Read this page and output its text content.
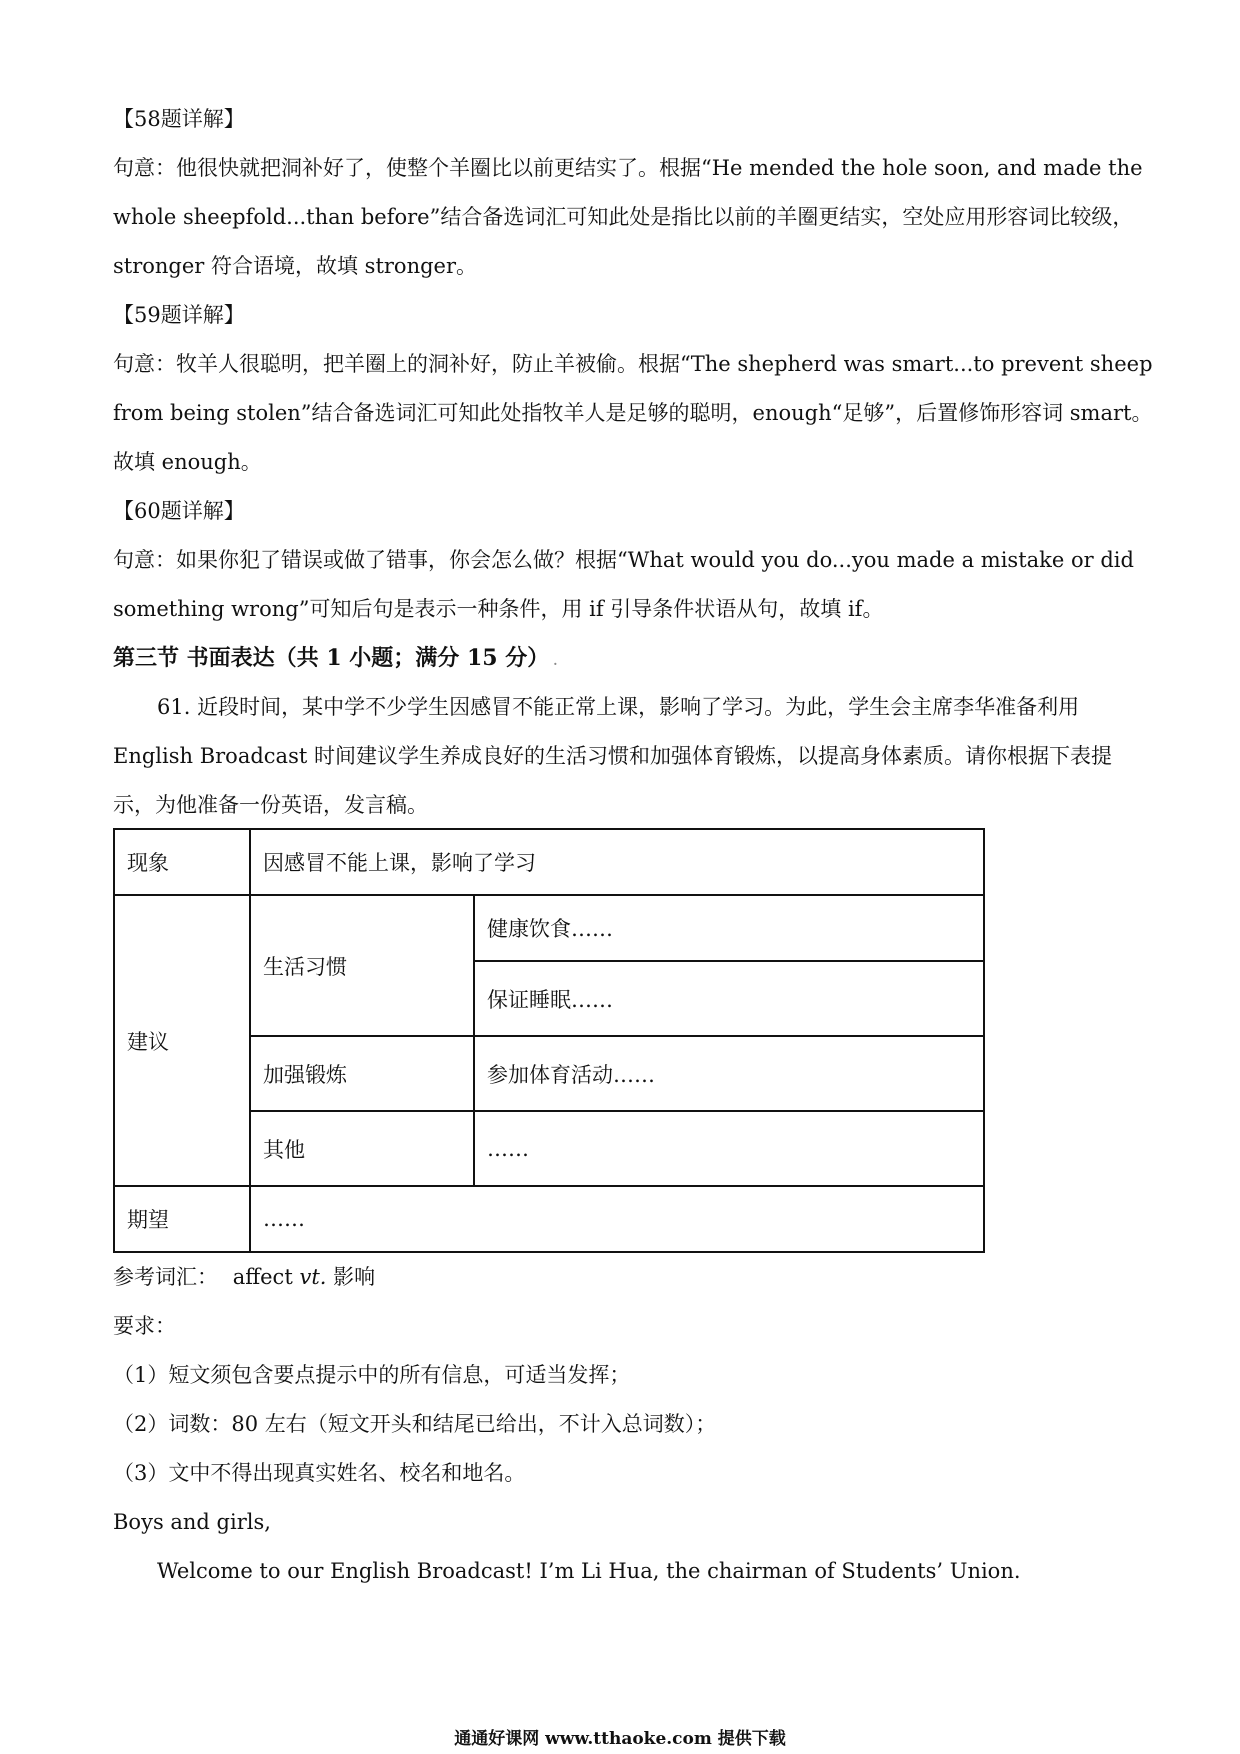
【58题详解】
句意：他很快就把洞补好了，使整个羊圈比以前更结实了。根据“He mended the hole soon, and made the
whole sheepfold...than before”结合备选词汇可知此处是指比以前的羊圈更结实，空处应用形容词比较级，
stronger 符合语境，故填 stronger。
【59题详解】
句意：牧羊人很聪明，把羊圈上的洞补好，防止羊被偷。根据“The shepherd was smart...to prevent sheep
from being stolen”结合备选词汇可知此处指牧羊人是足够的聪明，enough“足够”，后置修饰形容词 smart。
故填 enough。
【60题详解】
句意：如果你犯了错误或做了错事，你会怎么做？根据“What would you do...you made a mistake or did
something wrong”可知后句是表示一种条件，用 if 引导条件状语从句，故填 if。
第三节 书面表达（共 1 小题；满分 15 分） .
61. 近段时间，某中学不少学生因感冒不能正常上课，影响了学习。为此，学生会主席李华准备利用
English Broadcast 时间建议学生养成良好的生活习惯和加强体育锻炼，以提高身体素质。请你根据下表提
示，为他准备一份英语，发言稿。
现象	因感冒不能上课，影响了学习	
建议	生活习惯	健康饮食……
		保证睡眠……
	加强锻炼	参加体育活动……
	其他	……
期望	……	
参考词汇： affect vt. 影响
要求：
（1）短文须包含要点提示中的所有信息，可适当发挥；
（2）词数：80 左右（短文开头和结尾已给出，不计入总词数）；
（3）文中不得出现真实姓名、校名和地名。
Boys and girls,
Welcome to our English Broadcast! I’m Li Hua, the chairman of Students’ Union.
通通好课网 www.tthaoke.com 提供下载
